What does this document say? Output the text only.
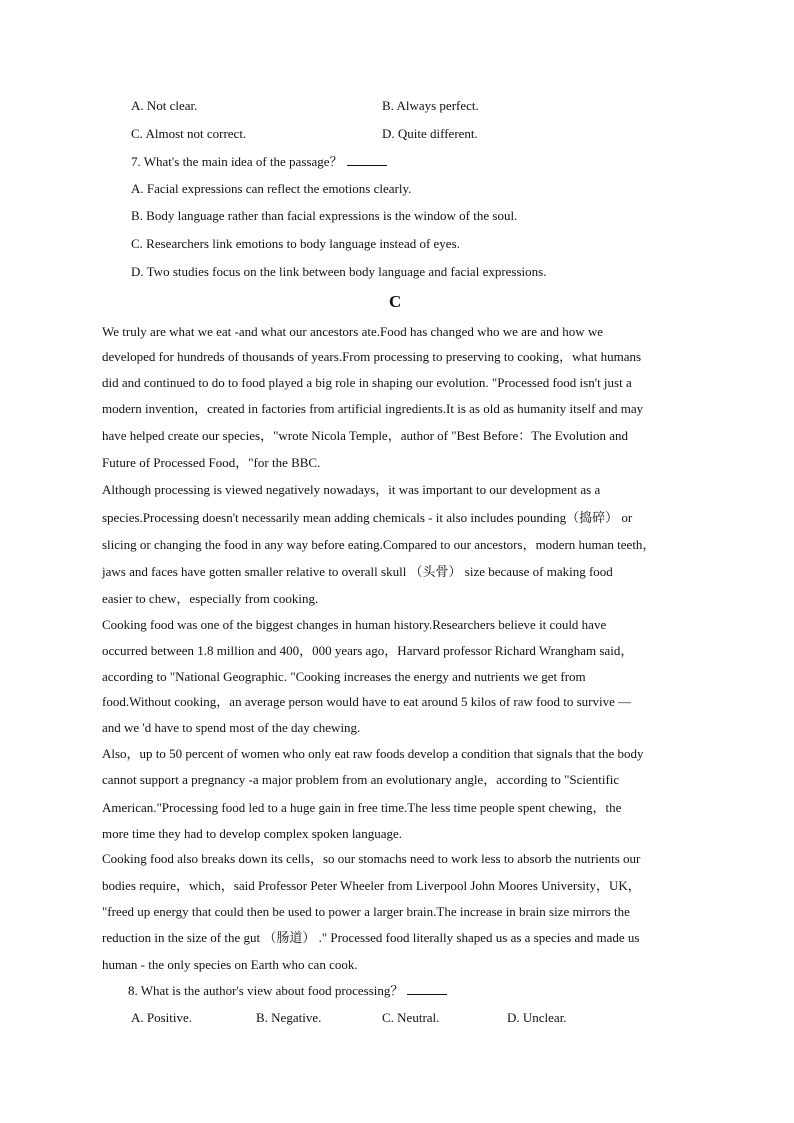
A. Not clear.	B. Always perfect.
C. Almost not correct.	D. Quite different.
7. What's the main idea of the passage？
A. Facial expressions can reflect the emotions clearly.
B. Body language rather than facial expressions is the window of the soul.
C. Researchers link emotions to body language instead of eyes.
D. Two studies focus on the link between body language and facial expressions.
C
We truly are what we eat -and what our ancestors ate.Food has changed who we are and how we
developed for hundreds of thousands of years.From processing to preserving to cooking，what humans
did and continued to do to food played a big role in shaping our evolution. "Processed food isn't just a
modern invention，created in factories from artificial ingredients.It is as old as humanity itself and may
have helped create our species，"wrote Nicola Temple，author of "Best Before：The Evolution and
Future of Processed Food，"for the BBC.
Although processing is viewed negatively nowadays，it was important to our development as a
species.Processing doesn't necessarily mean adding chemicals - it also includes pounding（捣碎） or
slicing or changing the food in any way before eating.Compared to our ancestors，modern human teeth，
jaws and faces have gotten smaller relative to overall skull （头骨） size because of making food
easier to chew，especially from cooking.
Cooking food was one of the biggest changes in human history.Researchers believe it could have
occurred between 1.8 million and 400，000 years ago，Harvard professor Richard Wrangham said，
according to "National Geographic. "Cooking increases the energy and nutrients we get from
food.Without cooking，an average person would have to eat around 5 kilos of raw food to survive —
and we 'd have to spend most of the day chewing.
Also，up to 50 percent of women who only eat raw foods develop a condition that signals that the body
cannot support a pregnancy -a major problem from an evolutionary angle，according to "Scientific
American."Processing food led to a huge gain in free time.The less time people spent chewing，the
more time they had to develop complex spoken language.
Cooking food also breaks down its cells，so our stomachs need to work less to absorb the nutrients our
bodies require，which，said Professor Peter Wheeler from Liverpool John Moores University，UK，
"freed up energy that could then be used to power a larger brain.The increase in brain size mirrors the
reduction in the size of the gut （肠道） ." Processed food literally shaped us as a species and made us
human - the only species on Earth who can cook.
8. What is the author's view about food processing？
A. Positive.	B. Negative.	C. Neutral.	D. Unclear.
